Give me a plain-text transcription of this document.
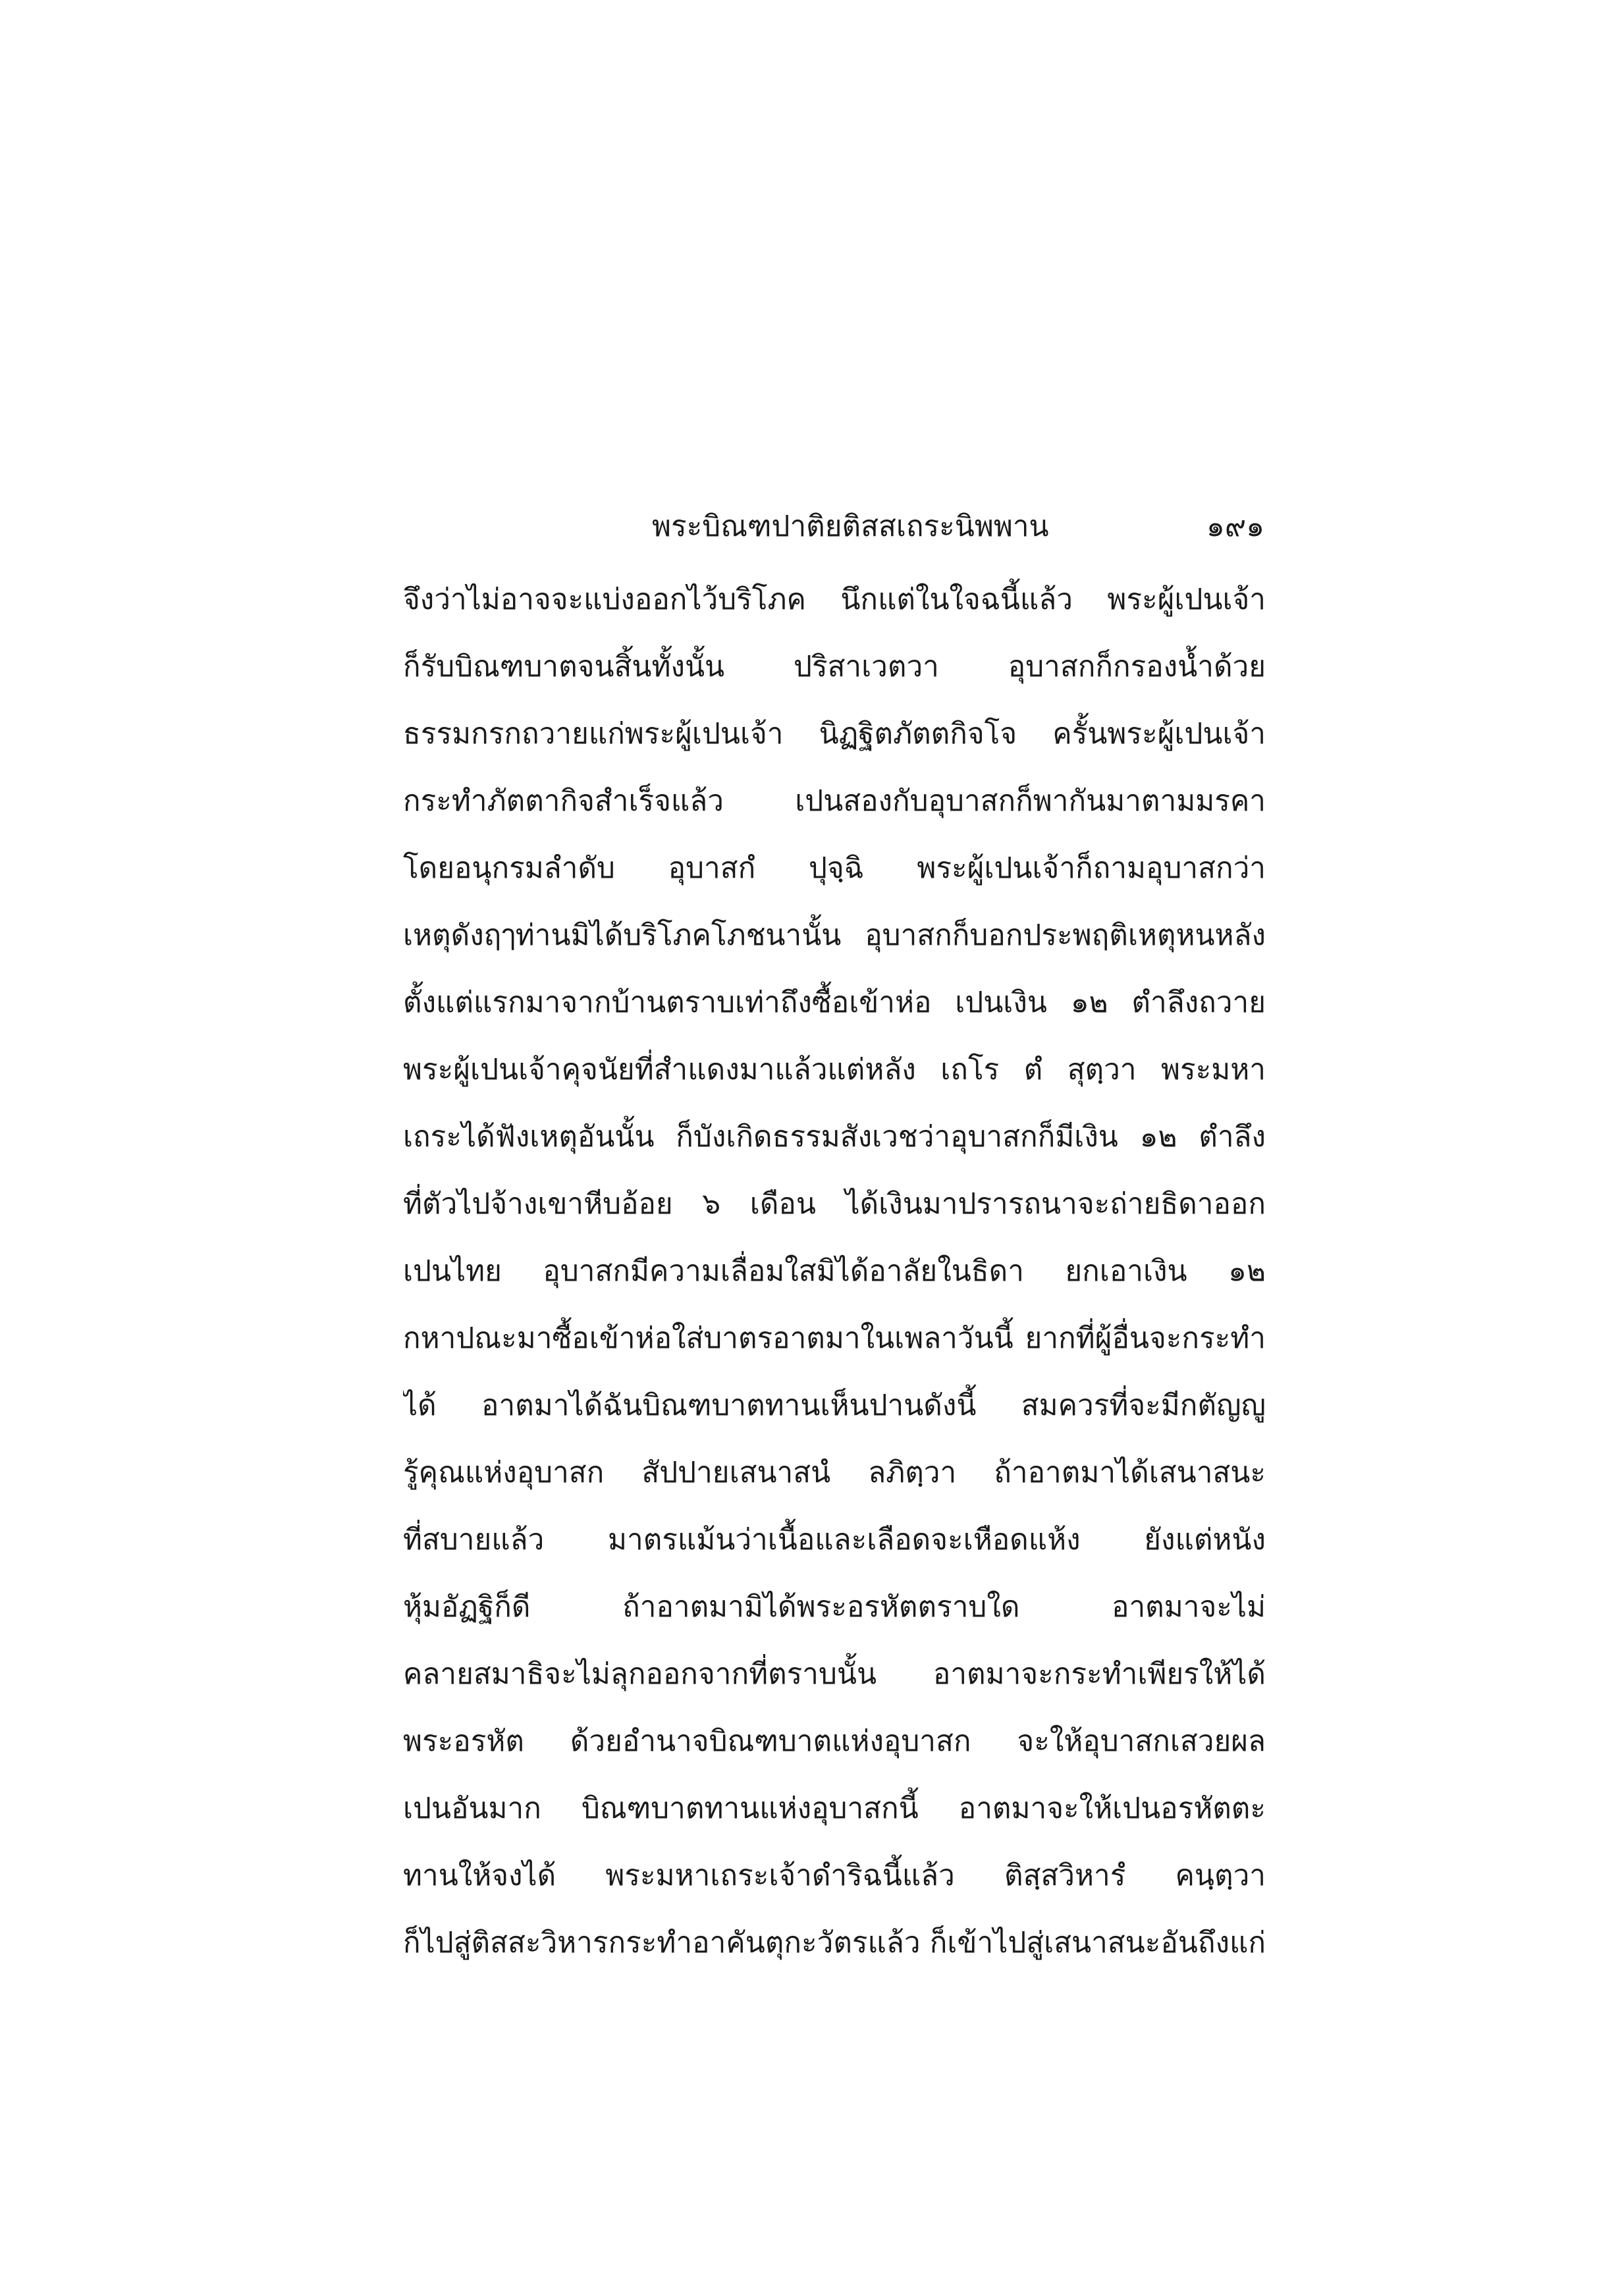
พระบิณฑปาติยติสสเถระนิพพาน	๑๙๑
จึงว่าไม่อาจจะแบ่งออกไว้บริโภค นึกแต่ในใจฉนี้แล้ว พระผู้เปนเจ้า
ก็รับบิณฑบาตจนสิ้นทั้งนั้น ปริสาเวตวา อุบาสกก็กรองน้ำด้วย
ธรรมกรกถวายแก่พระผู้เปนเจ้า นิฏฐิตภัตตกิจโจ ครั้นพระผู้เปนเจ้า
กระทำภัตตากิจสำเร็จแล้ว เปนสองกับอุบาสกก็พากันมาตามมรคา
โดยอนุกรมลำดับ อุบาสกํ ปุจฺฉิ พระผู้เปนเจ้าก็ถามอุบาสกว่า
เหตุดังฤๅท่านมิได้บริโภคโภชนานั้น อุบาสกก็บอกประพฤติเหตุหนหลัง
ตั้งแต่แรกมาจากบ้านตราบเท่าถึงซื้อเข้าห่อ เปนเงิน ๑๒ ตำลึงถวาย
พระผู้เปนเจ้าคุจนัยที่สำแดงมาแล้วแต่หลัง เถโร ตํ สุตฺวา พระมหา
เถระได้ฟังเหตุอันนั้น ก็บังเกิดธรรมสังเวชว่าอุบาสกก็มีเงิน ๑๒ ตำลึง
ที่ตัวไปจ้างเขาหีบอ้อย ๖ เดือน ได้เงินมาปรารถนาจะถ่ายธิดาออก
เปนไทย อุบาสกมีความเลื่อมใสมิได้อาลัยในธิดา ยกเอาเงิน ๑๒
กหาปณะมาซื้อเข้าห่อใส่บาตรอาตมาในเพลาวันนี้ ยากที่ผู้อื่นจะกระทำ
ได้ อาตมาได้ฉันบิณฑบาตทานเห็นปานดังนี้ สมควรที่จะมีกตัญญู
รู้คุณแห่งอุบาสก สัปปายเสนาสนํ ลภิตฺวา ถ้าอาตมาได้เสนาสนะ
ที่สบายแล้ว มาตรแม้นว่าเนื้อและเลือดจะเหือดแห้ง ยังแต่หนัง
หุ้มอัฏฐิก็ดี ถ้าอาตมามิได้พระอรหัตตราบใด อาตมาจะไม่
คลายสมาธิจะไม่ลุกออกจากที่ตราบนั้น อาตมาจะกระทำเพียรให้ได้
พระอรหัต ด้วยอำนาจบิณฑบาตแห่งอุบาสก จะให้อุบาสกเสวยผล
เปนอันมาก บิณฑบาตทานแห่งอุบาสกนี้ อาตมาจะให้เปนอรหัตตะ
ทานให้จงได้ พระมหาเถระเจ้าดำริฉนี้แล้ว ติสฺสวิหารํ คนฺตฺวา
ก็ไปสู่ติสสะวิหารกระทำอาคันตุกะวัตรแล้ว ก็เข้าไปสู่เสนาสนะอันถึงแก่
